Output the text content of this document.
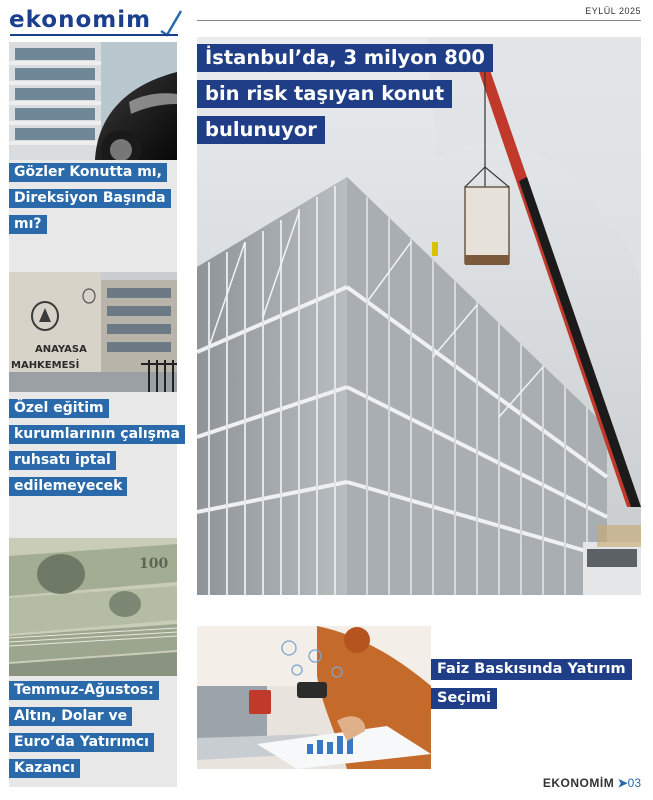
ekonomim	EYLÜL 2025
Gözler Konutta mı, Direksiyon Başında mı?
ANAYASA
MAHKEMESİ
Özel eğitim kurumlarının çalışma ruhsatı iptal edilemeyecek
100
Temmuz-Ağustos: Altın, Dolar ve Euro’da Yatırımcı Kazancı
İstanbul’da, 3 milyon 800 bin risk taşıyan konut bulunuyor
Faiz Baskısında Yatırım Seçimi
EKONOMİM ➤03
